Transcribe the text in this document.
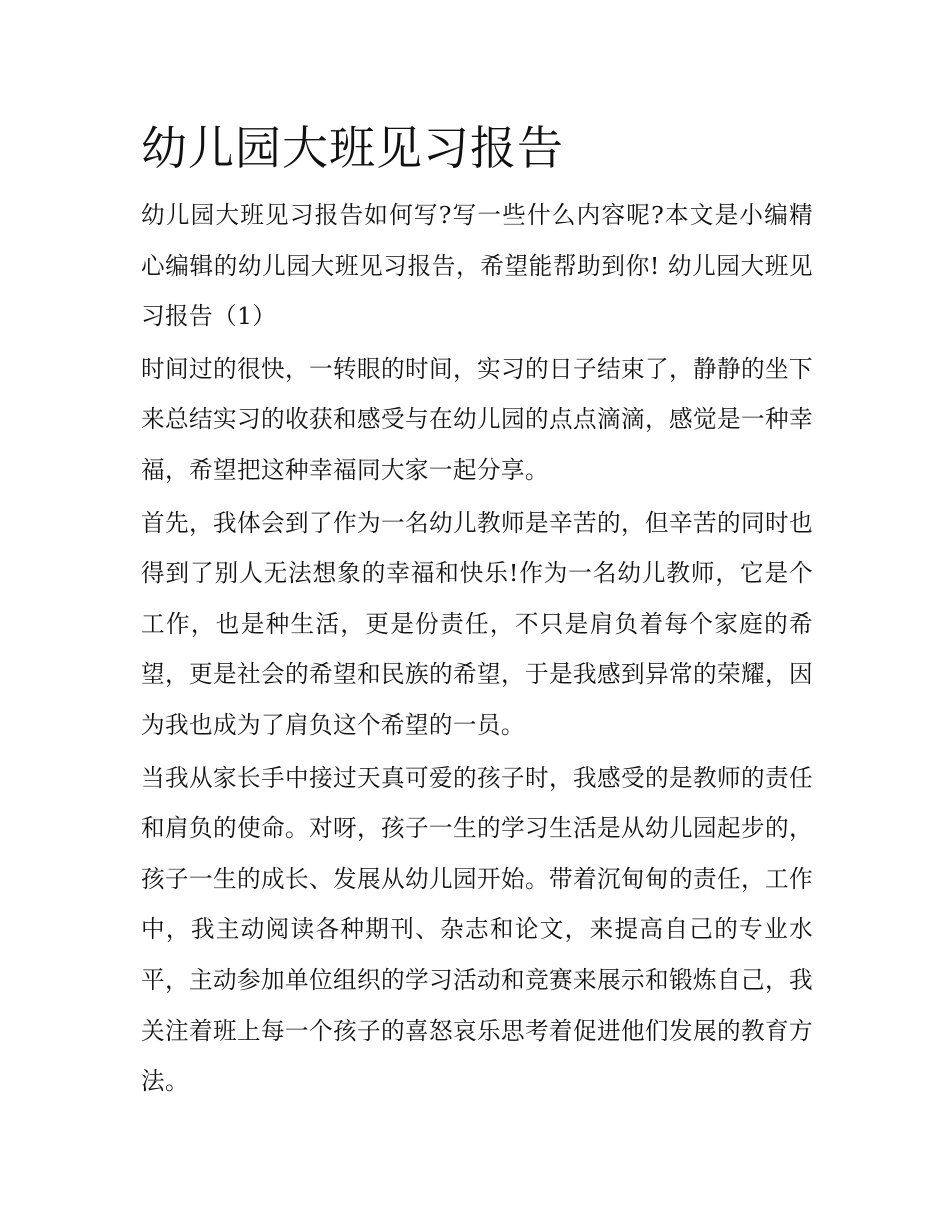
幼儿园大班见习报告

幼儿园大班见习报告如何写?写一些什么内容呢?本文是小编精心编辑的幼儿园大班见习报告，希望能帮助到你! 幼儿园大班见习报告（1）

时间过的很快，一转眼的时间，实习的日子结束了，静静的坐下来总结实习的收获和感受与在幼儿园的点点滴滴，感觉是一种幸福，希望把这种幸福同大家一起分享。

首先，我体会到了作为一名幼儿教师是辛苦的，但辛苦的同时也得到了别人无法想象的幸福和快乐!作为一名幼儿教师，它是个工作，也是种生活，更是份责任，不只是肩负着每个家庭的希望，更是社会的希望和民族的希望，于是我感到异常的荣耀，因为我也成为了肩负这个希望的一员。

当我从家长手中接过天真可爱的孩子时，我感受的是教师的责任和肩负的使命。对呀，孩子一生的学习生活是从幼儿园起步的，孩子一生的成长、发展从幼儿园开始。带着沉甸甸的责任，工作中，我主动阅读各种期刊、杂志和论文，来提高自己的专业水平，主动参加单位组织的学习活动和竞赛来展示和锻炼自己，我关注着班上每一个孩子的喜怒哀乐思考着促进他们发展的教育方法。
